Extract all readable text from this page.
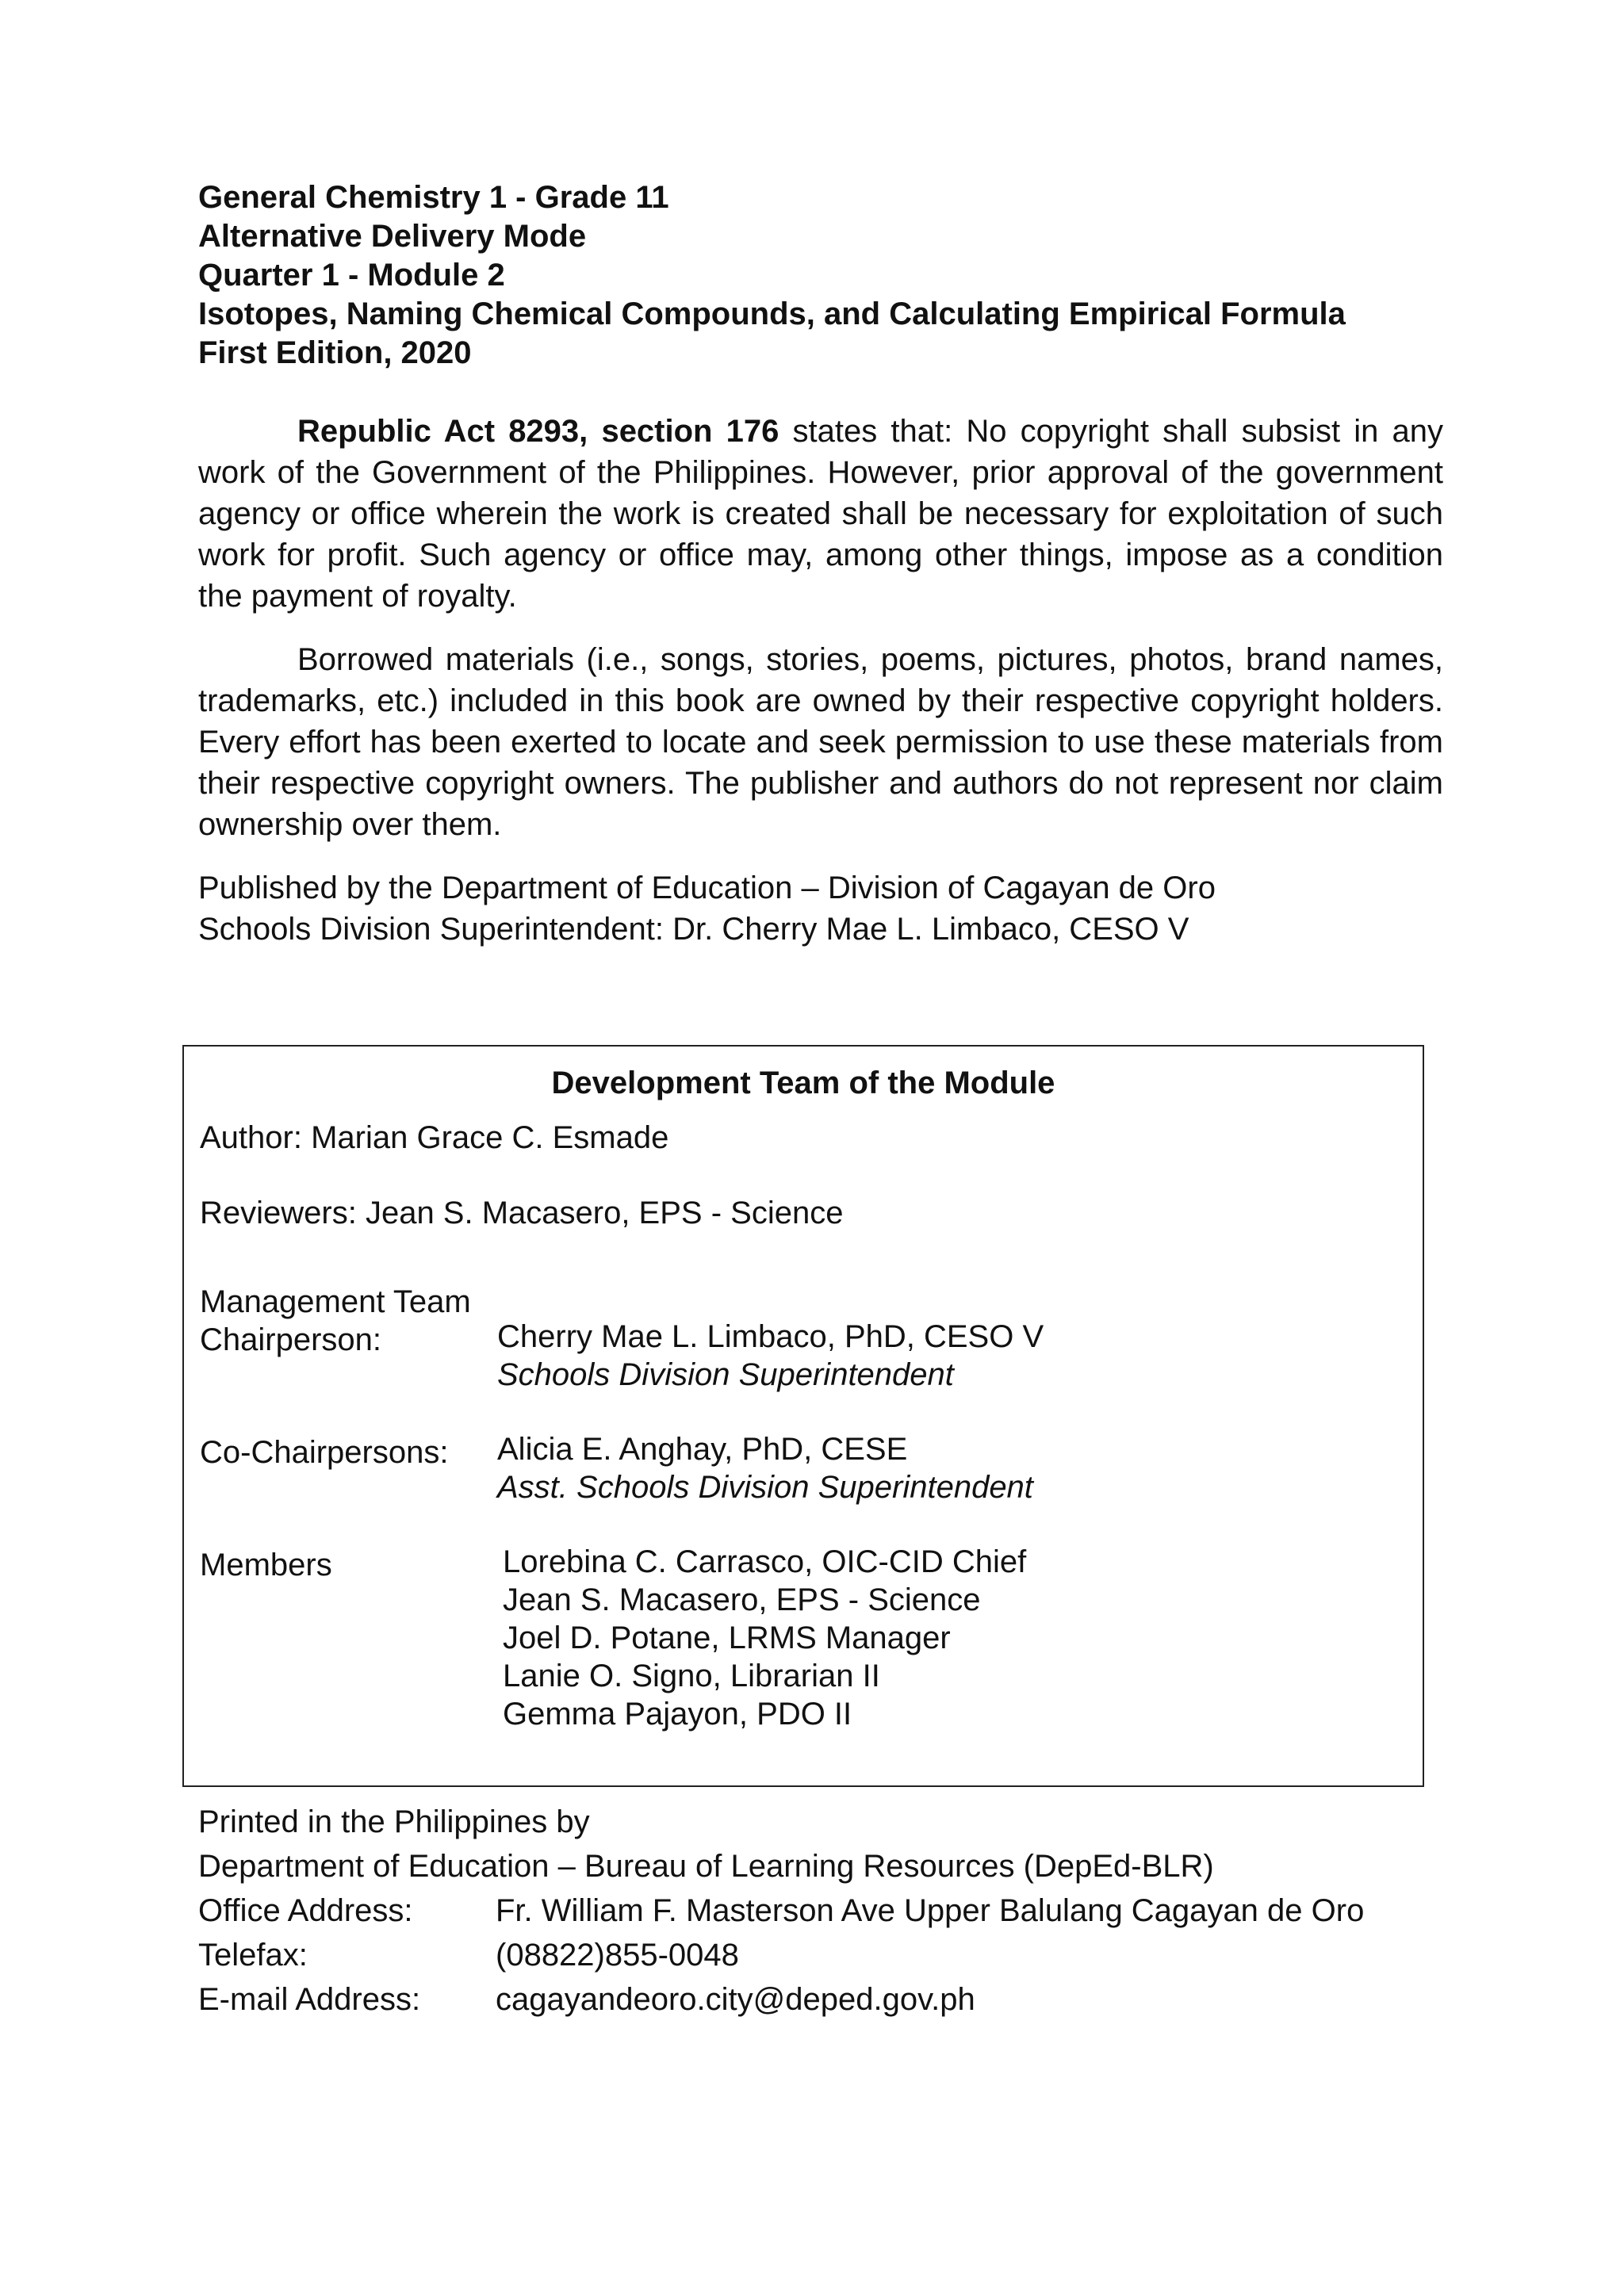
General Chemistry 1 - Grade 11
Alternative Delivery Mode
Quarter 1 - Module 2
Isotopes, Naming Chemical Compounds, and Calculating Empirical Formula
First Edition, 2020

Republic Act 8293, section 176 states that: No copyright shall subsist in any work of the Government of the Philippines. However, prior approval of the government agency or office wherein the work is created shall be necessary for exploitation of such work for profit. Such agency or office may, among other things, impose as a condition the payment of royalty.

Borrowed materials (i.e., songs, stories, poems, pictures, photos, brand names, trademarks, etc.) included in this book are owned by their respective copyright holders. Every effort has been exerted to locate and seek permission to use these materials from their respective copyright owners. The publisher and authors do not represent nor claim ownership over them.

Published by the Department of Education – Division of Cagayan de Oro
Schools Division Superintendent: Dr. Cherry Mae L. Limbaco, CESO V
Development Team of the Module
Author: Marian Grace C. Esmade
Reviewers: Jean S. Macasero, EPS - Science
Management Team
Chairperson:	Cherry Mae L. Limbaco, PhD, CESO V
Schools Division Superintendent
Co-Chairpersons: Alicia E. Anghay, PhD, CESE
Asst. Schools Division Superintendent
Members	Lorebina C. Carrasco, OIC-CID Chief
Jean S. Macasero, EPS - Science
Joel D. Potane, LRMS Manager
Lanie O. Signo, Librarian II
Gemma Pajayon, PDO II
Printed in the Philippines by
Department of Education – Bureau of Learning Resources (DepEd-BLR)
Office Address:	Fr. William F. Masterson Ave Upper Balulang Cagayan de Oro
Telefax:	(08822)855-0048
E-mail Address: cagayandeoro.city@deped.gov.ph
